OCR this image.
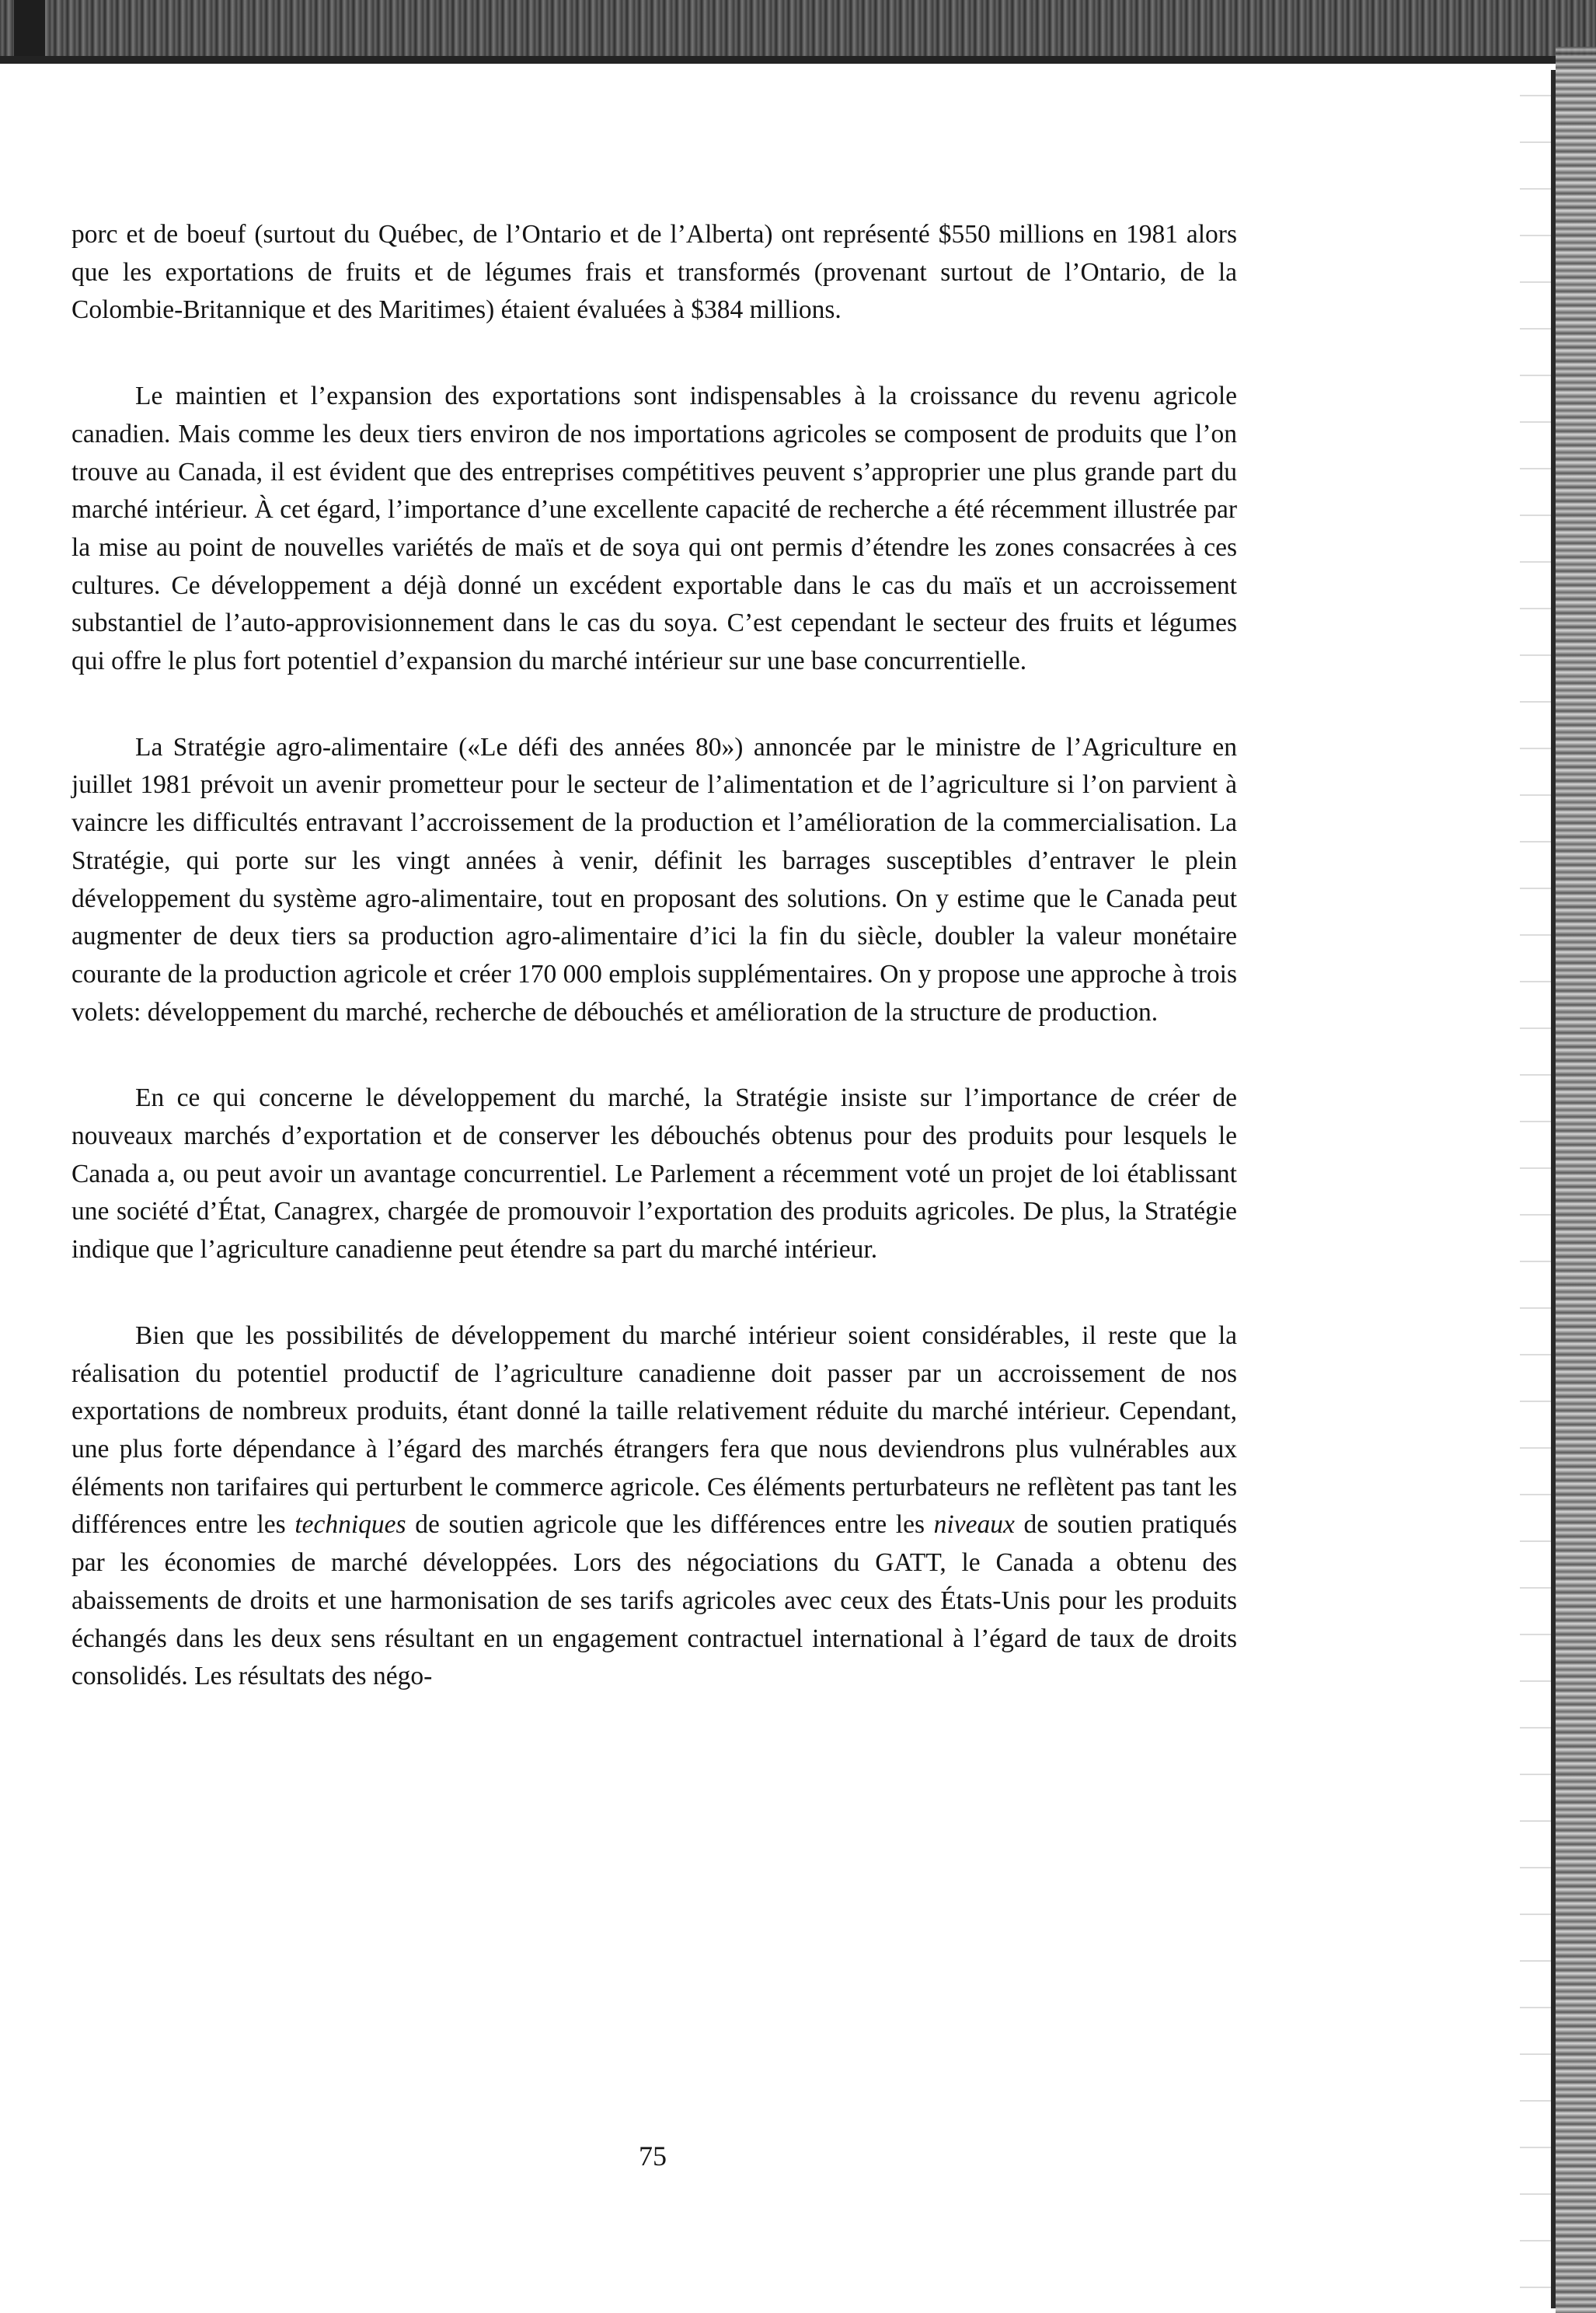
porc et de boeuf (surtout du Québec, de l’Ontario et de l’Alberta) ont représenté $550 millions en 1981 alors que les exportations de fruits et de légumes frais et transformés (provenant surtout de l’Ontario, de la Colombie-Britannique et des Maritimes) étaient évaluées à $384 millions.

Le maintien et l’expansion des exportations sont indispensables à la croissance du revenu agricole canadien. Mais comme les deux tiers environ de nos importations agricoles se composent de produits que l’on trouve au Canada, il est évident que des entreprises compétitives peuvent s’approprier une plus grande part du marché intérieur. À cet égard, l’importance d’une excellente capacité de recherche a été récemment illustrée par la mise au point de nouvelles variétés de maïs et de soya qui ont permis d’étendre les zones consacrées à ces cultures. Ce développement a déjà donné un excédent exportable dans le cas du maïs et un accroissement substantiel de l’auto-approvisionnement dans le cas du soya. C’est cependant le secteur des fruits et légumes qui offre le plus fort potentiel d’expansion du marché intérieur sur une base concurrentielle.

La Stratégie agro-alimentaire («Le défi des années 80») annoncée par le ministre de l’Agriculture en juillet 1981 prévoit un avenir prometteur pour le secteur de l’alimentation et de l’agriculture si l’on parvient à vaincre les difficultés entravant l’accroissement de la production et l’amélioration de la commercialisation. La Stratégie, qui porte sur les vingt années à venir, définit les barrages susceptibles d’entraver le plein développement du système agro-alimentaire, tout en proposant des solutions. On y estime que le Canada peut augmenter de deux tiers sa production agro-alimentaire d’ici la fin du siècle, doubler la valeur monétaire courante de la production agricole et créer 170 000 emplois supplémentaires. On y propose une approche à trois volets: développement du marché, recherche de débouchés et amélioration de la structure de production.

En ce qui concerne le développement du marché, la Stratégie insiste sur l’importance de créer de nouveaux marchés d’exportation et de conserver les débouchés obtenus pour des produits pour lesquels le Canada a, ou peut avoir un avantage concurrentiel. Le Parlement a récemment voté un projet de loi établissant une société d’État, Canagrex, chargée de promouvoir l’exportation des produits agricoles. De plus, la Stratégie indique que l’agriculture canadienne peut étendre sa part du marché intérieur.

Bien que les possibilités de développement du marché intérieur soient considérables, il reste que la réalisation du potentiel productif de l’agriculture canadienne doit passer par un accroissement de nos exportations de nombreux produits, étant donné la taille relativement réduite du marché intérieur. Cependant, une plus forte dépendance à l’égard des marchés étrangers fera que nous deviendrons plus vulnérables aux éléments non tarifaires qui perturbent le commerce agricole. Ces éléments perturbateurs ne reflètent pas tant les différences entre les techniques de soutien agricole que les différences entre les niveaux de soutien pratiqués par les économies de marché développées. Lors des négociations du GATT, le Canada a obtenu des abaissements de droits et une harmonisation de ses tarifs agricoles avec ceux des États-Unis pour les produits échangés dans les deux sens résultant en un engagement contractuel international à l’égard de taux de droits consolidés. Les résultats des négo-

75
